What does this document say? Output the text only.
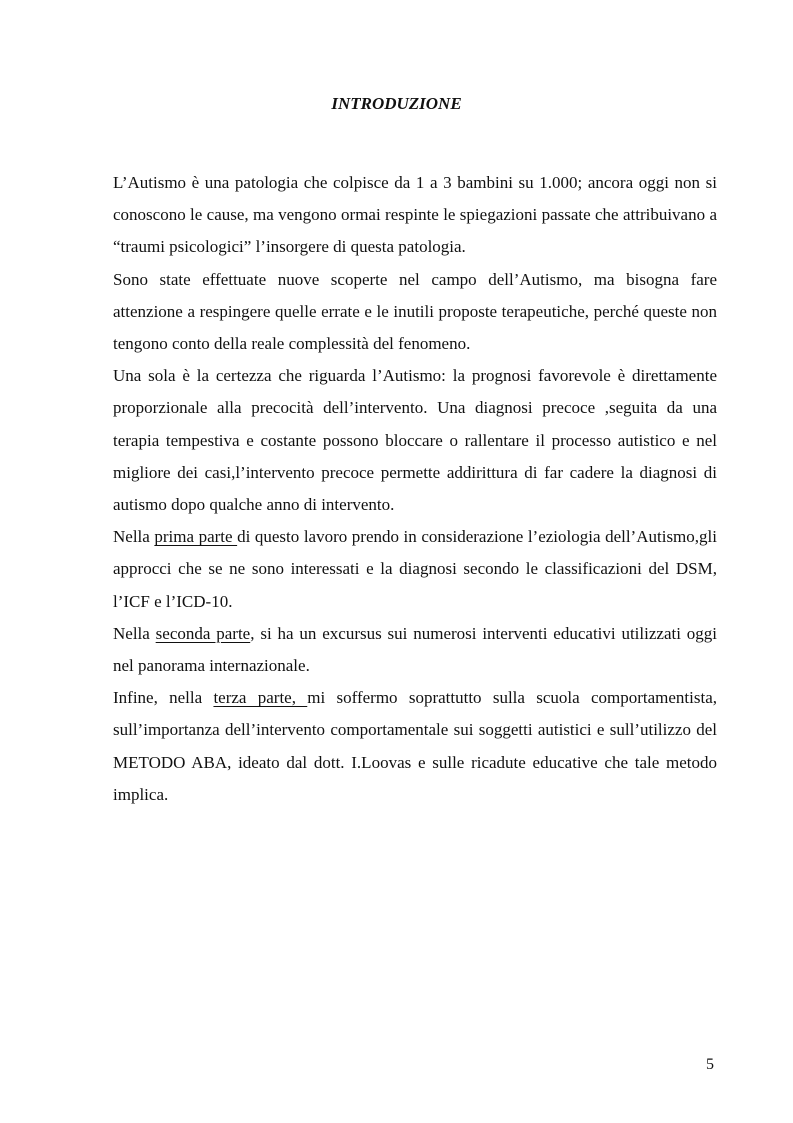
INTRODUZIONE

L’Autismo è una patologia che colpisce da 1 a 3 bambini su 1.000; ancora oggi non si conoscono le cause, ma vengono ormai respinte le spiegazioni passate che attribuivano a “traumi psicologici” l’insorgere di questa patologia.

Sono state effettuate nuove scoperte nel campo dell’Autismo, ma bisogna fare attenzione a respingere quelle errate e le inutili proposte terapeutiche, perché queste non tengono conto della reale complessità del fenomeno.

Una sola è la certezza che riguarda l’Autismo: la prognosi favorevole è direttamente proporzionale alla precocità dell’intervento. Una diagnosi precoce ,seguita da una terapia tempestiva e costante possono bloccare o rallentare il processo autistico e nel migliore dei casi,l’intervento precoce permette addirittura di far cadere la diagnosi di autismo dopo qualche anno di intervento.

Nella prima parte di questo lavoro prendo in considerazione l’eziologia dell’Autismo,gli approcci che se ne sono interessati e la diagnosi secondo le classificazioni del DSM, l’ICF e l’ICD-10.

Nella seconda parte, si ha un excursus sui numerosi interventi educativi utilizzati oggi nel panorama internazionale.

Infine, nella terza parte, mi soffermo soprattutto sulla scuola comportamentista, sull’importanza dell’intervento comportamentale sui soggetti autistici e sull’utilizzo del METODO ABA, ideato dal dott. I.Loovas e sulle ricadute educative che tale metodo implica.

5
